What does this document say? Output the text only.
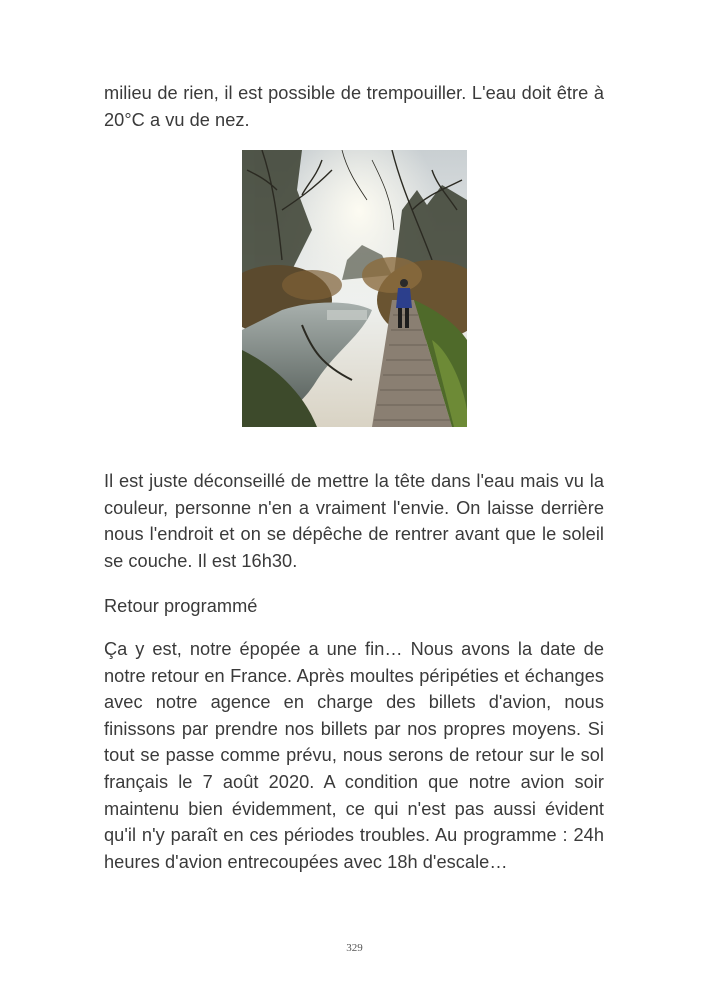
milieu de rien, il est possible de trempouiller. L'eau doit être à 20°C a vu de nez.

Il est juste déconseillé de mettre la tête dans l'eau mais vu la couleur, personne n'en a vraiment l'envie. On laisse derrière nous l'endroit et on se dépêche de rentrer avant que le soleil se couche. Il est 16h30.

Retour programmé

Ça y est, notre épopée a une fin… Nous avons la date de notre retour en France. Après moultes péripéties et échanges avec notre agence en charge des billets d'avion, nous finissons par prendre nos billets par nos propres moyens. Si tout se passe comme prévu, nous serons de retour sur le sol français le 7 août 2020. A condition que notre avion soir maintenu bien évidemment, ce qui n'est pas aussi évident qu'il n'y paraît en ces périodes troubles. Au programme : 24h heures d'avion entrecoupées avec 18h d'escale…

329
